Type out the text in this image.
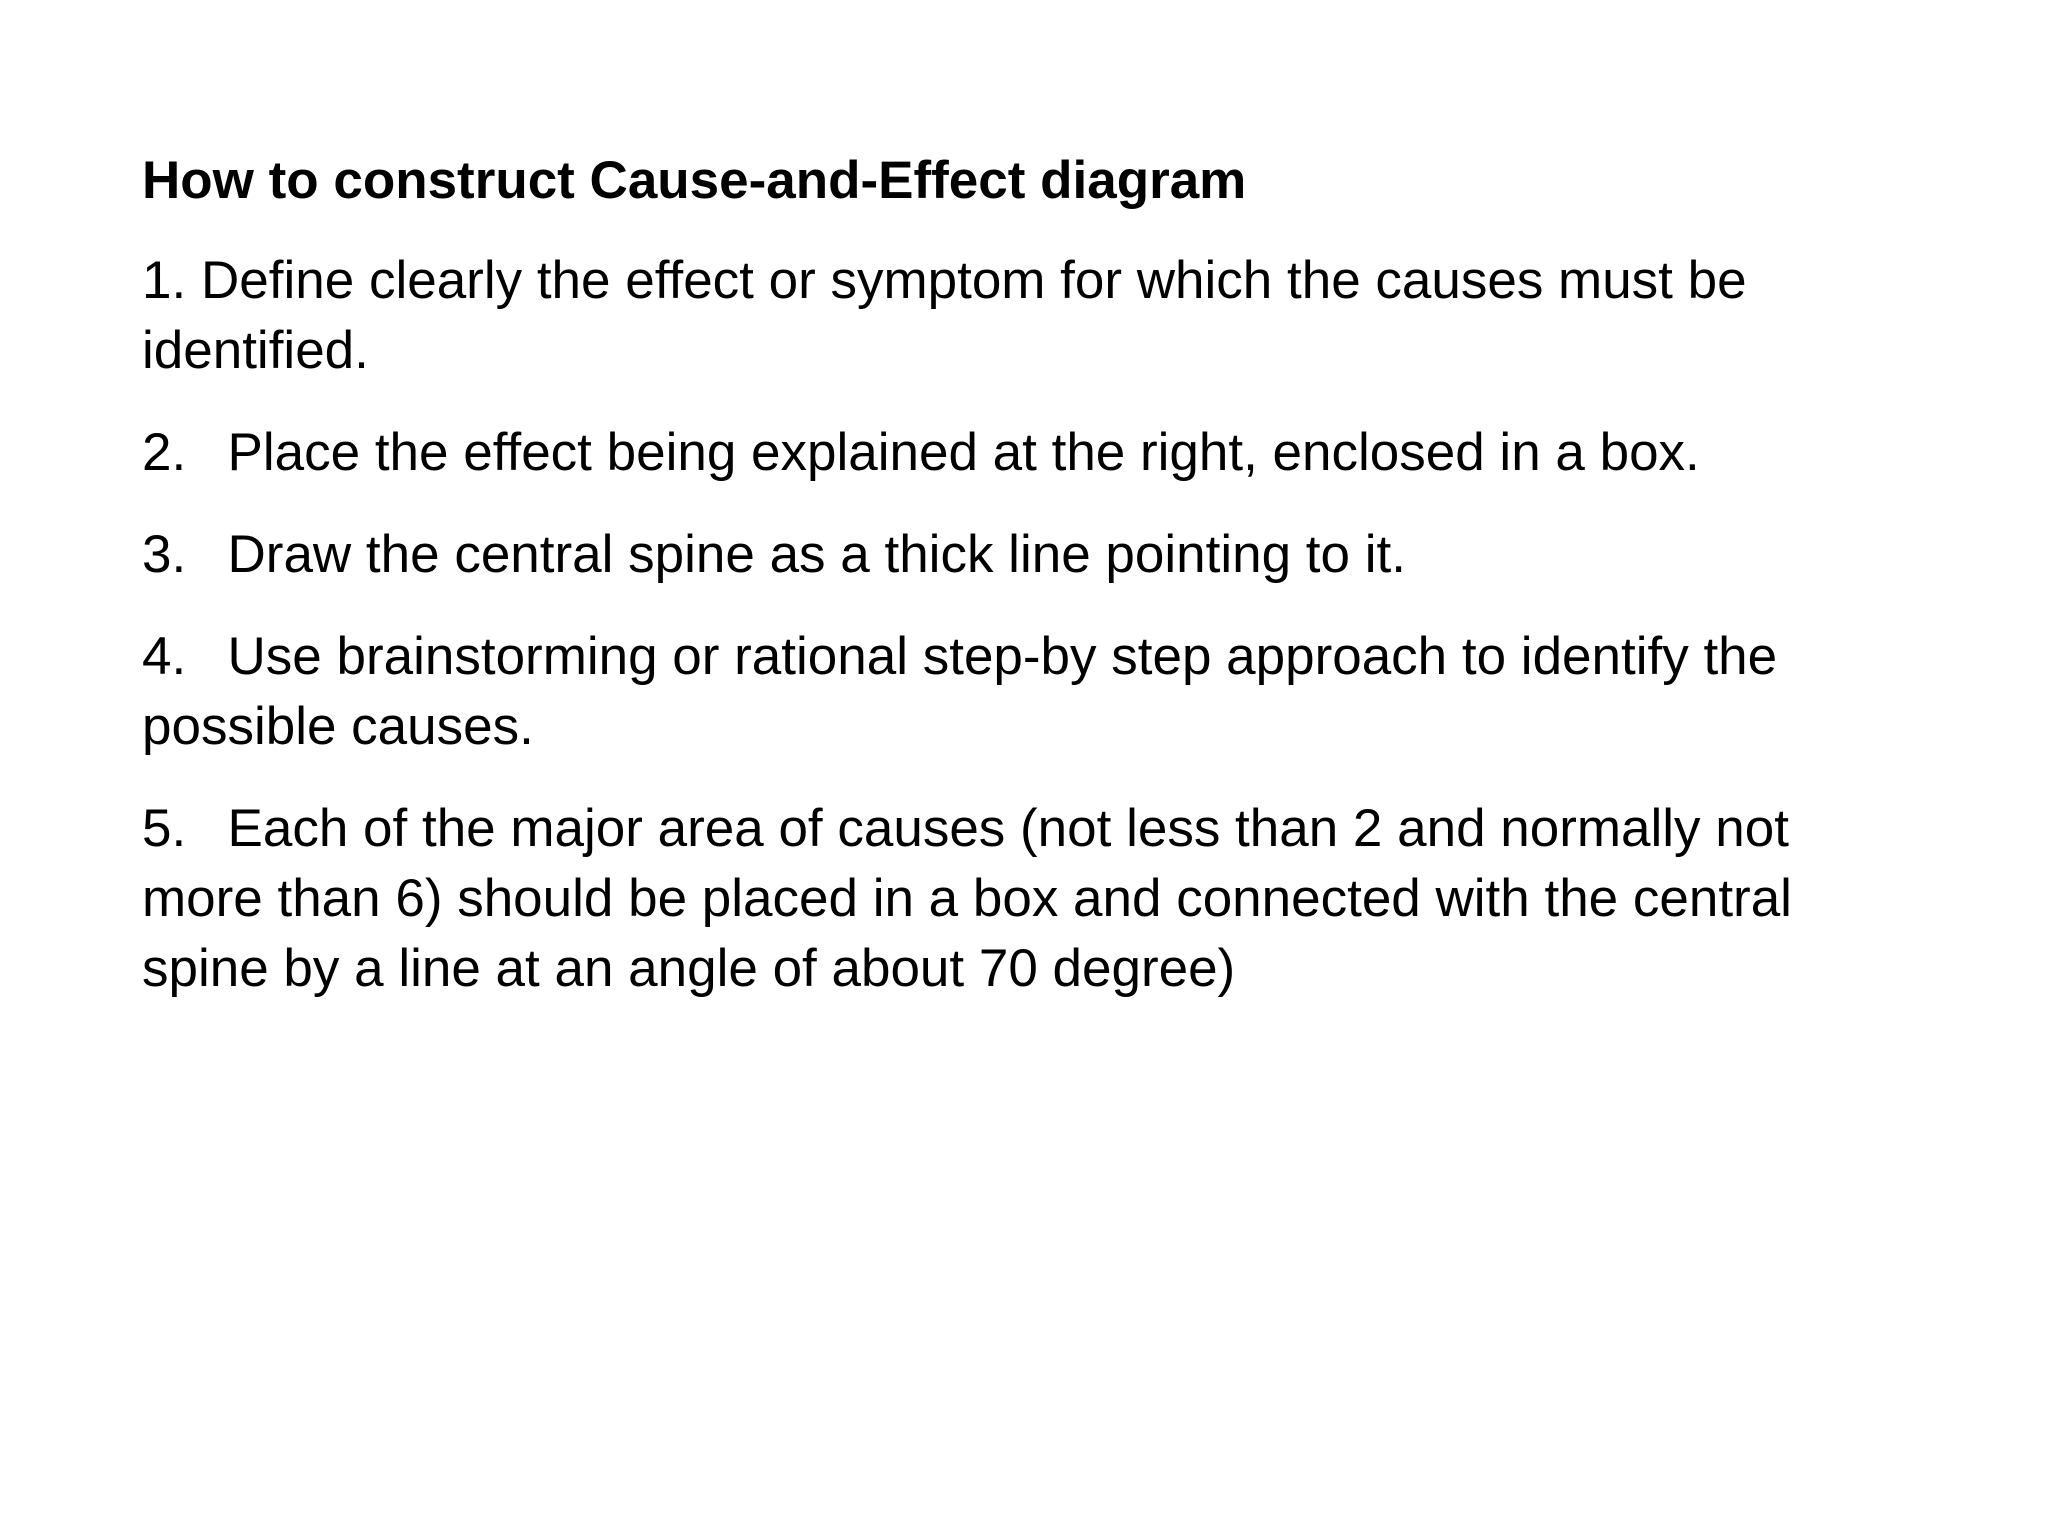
How to construct Cause-and-Effect diagram
1. Define clearly the effect or symptom for which the causes must be identified.
2. Place the effect being explained at the right, enclosed in a box.
3. Draw the central spine as a thick line pointing to it.
4. Use brainstorming or rational step-by step approach to identify the possible causes.
5. Each of the major area of causes (not less than 2 and normally not more than 6) should be placed in a box and connected with the central spine by a line at an angle of about 70 degree)
